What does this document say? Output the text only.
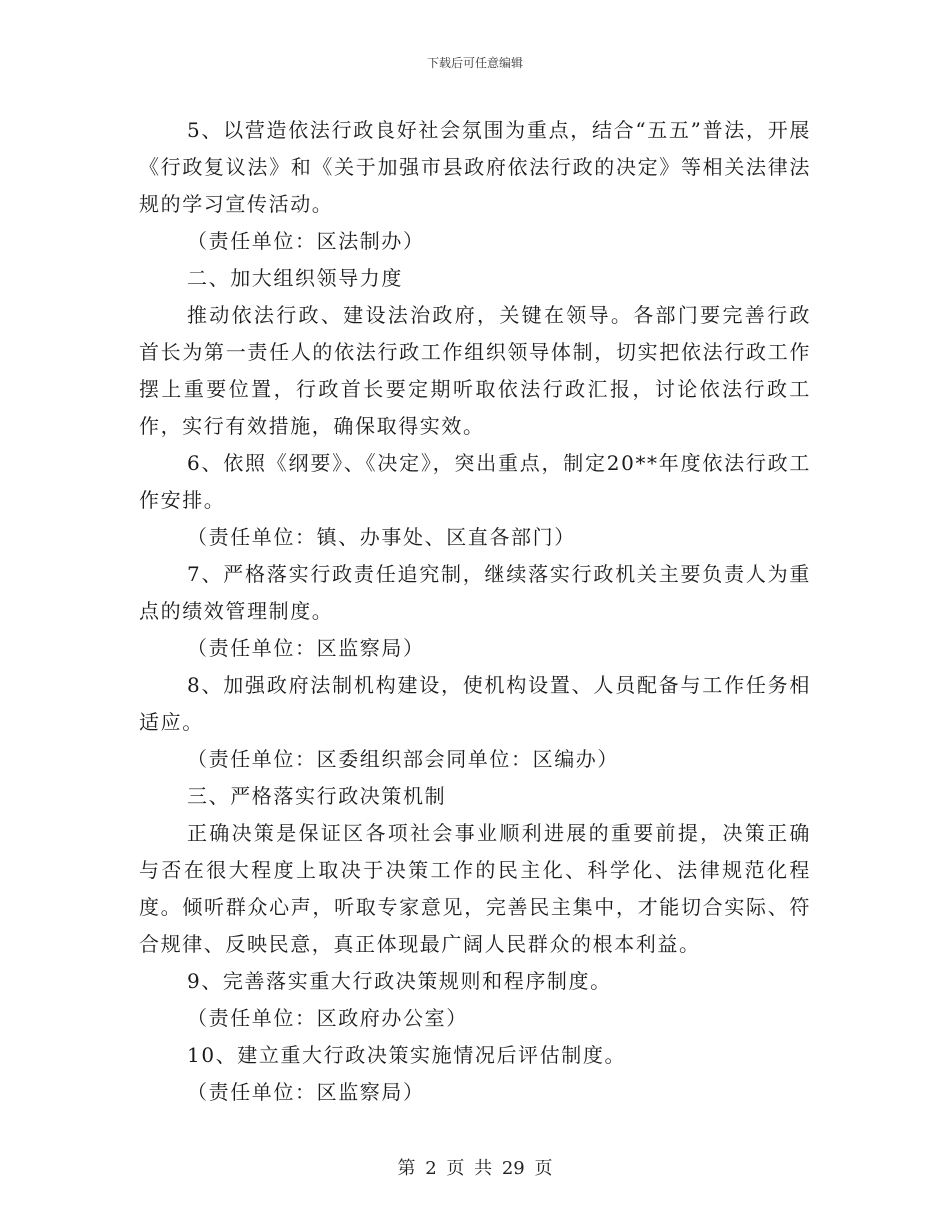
下载后可任意编辑

5、以营造依法行政良好社会氛围为重点，结合“五五”普法，开展《行政复议法》和《关于加强市县政府依法行政的决定》等相关法律法规的学习宣传活动。

（责任单位：区法制办）

二、加大组织领导力度

推动依法行政、建设法治政府，关键在领导。各部门要完善行政首长为第一责任人的依法行政工作组织领导体制，切实把依法行政工作摆上重要位置，行政首长要定期听取依法行政汇报，讨论依法行政工作，实行有效措施，确保取得实效。

6、依照《纲要》、《决定》，突出重点，制定20**年度依法行政工作安排。

（责任单位：镇、办事处、区直各部门）

7、严格落实行政责任追究制，继续落实行政机关主要负责人为重点的绩效管理制度。

（责任单位：区监察局）

8、加强政府法制机构建设，使机构设置、人员配备与工作任务相适应。

（责任单位：区委组织部会同单位：区编办）

三、严格落实行政决策机制

正确决策是保证区各项社会事业顺利进展的重要前提，决策正确与否在很大程度上取决于决策工作的民主化、科学化、法律规范化程度。倾听群众心声，听取专家意见，完善民主集中，才能切合实际、符合规律、反映民意，真正体现最广阔人民群众的根本利益。

9、完善落实重大行政决策规则和程序制度。

（责任单位：区政府办公室）

10、建立重大行政决策实施情况后评估制度。

（责任单位：区监察局）

第 2 页 共 29 页
